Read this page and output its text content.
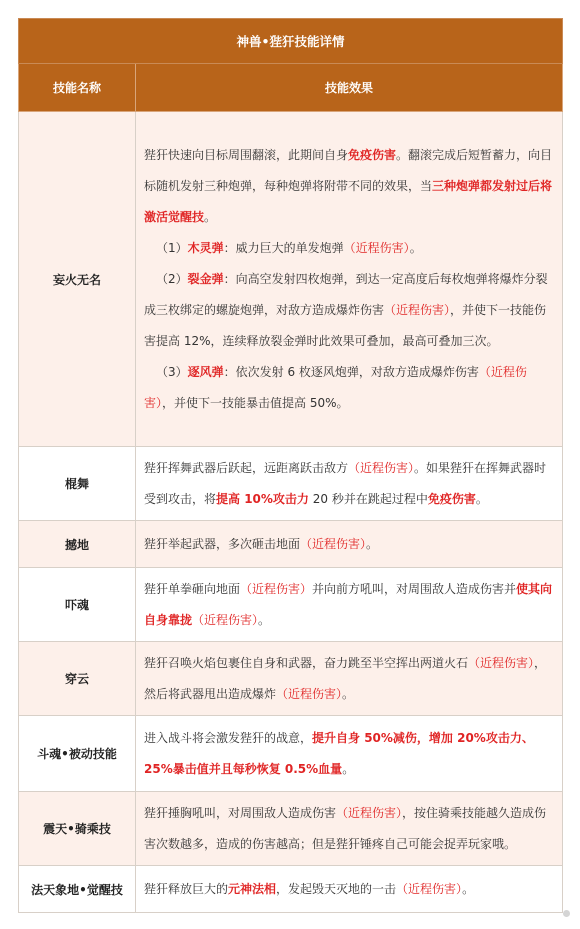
神兽•狴犴技能详情	
技能名称	技能效果
妄火无名	狴犴快速向目标周围翻滚，此期间自身免疫伤害。翻滚完成后短暂蓄力，向目标随机发射三种炮弹，每种炮弹将附带不同的效果，当三种炮弹都发射过后将激活觉醒技。
（1）木灵弹：威力巨大的单发炮弹（近程伤害）。
（2）裂金弹：向高空发射四枚炮弹，到达一定高度后每枚炮弹将爆炸分裂成三枚绑定的螺旋炮弹，对敌方造成爆炸伤害（近程伤害），并使下一技能伤害提高 12%，连续释放裂金弹时此效果可叠加，最高可叠加三次。
（3）逐风弹：依次发射 6 枚逐风炮弹，对敌方造成爆炸伤害（近程伤害），并使下一技能暴击值提高 50%。

棍舞	狴犴挥舞武器后跃起，远距离跃击敌方（近程伤害）。如果狴犴在挥舞武器时受到攻击，将提高 10%攻击力 20 秒并在跳起过程中免疫伤害。

撼地	狴犴举起武器，多次砸击地面（近程伤害）。

吓魂	狴犴单拳砸向地面（近程伤害）并向前方吼叫，对周围敌人造成伤害并使其向自身靠拢（近程伤害）。

穿云	狴犴召唤火焰包裹住自身和武器，奋力跳至半空挥出两道火石（近程伤害），然后将武器甩出造成爆炸（近程伤害）。

斗魂•被动技能	进入战斗将会激发狴犴的战意，提升自身 50%减伤，增加 20%攻击力、25%暴击值并且每秒恢复 0.5%血量。

震天•骑乘技	狴犴捶胸吼叫，对周围敌人造成伤害（近程伤害），按住骑乘技能越久造成伤害次数越多，造成的伤害越高；但是狴犴锤疼自己可能会捉弄玩家哦。

法天象地•觉醒技	狴犴释放巨大的元神法相，发起毁天灭地的一击（近程伤害）。
